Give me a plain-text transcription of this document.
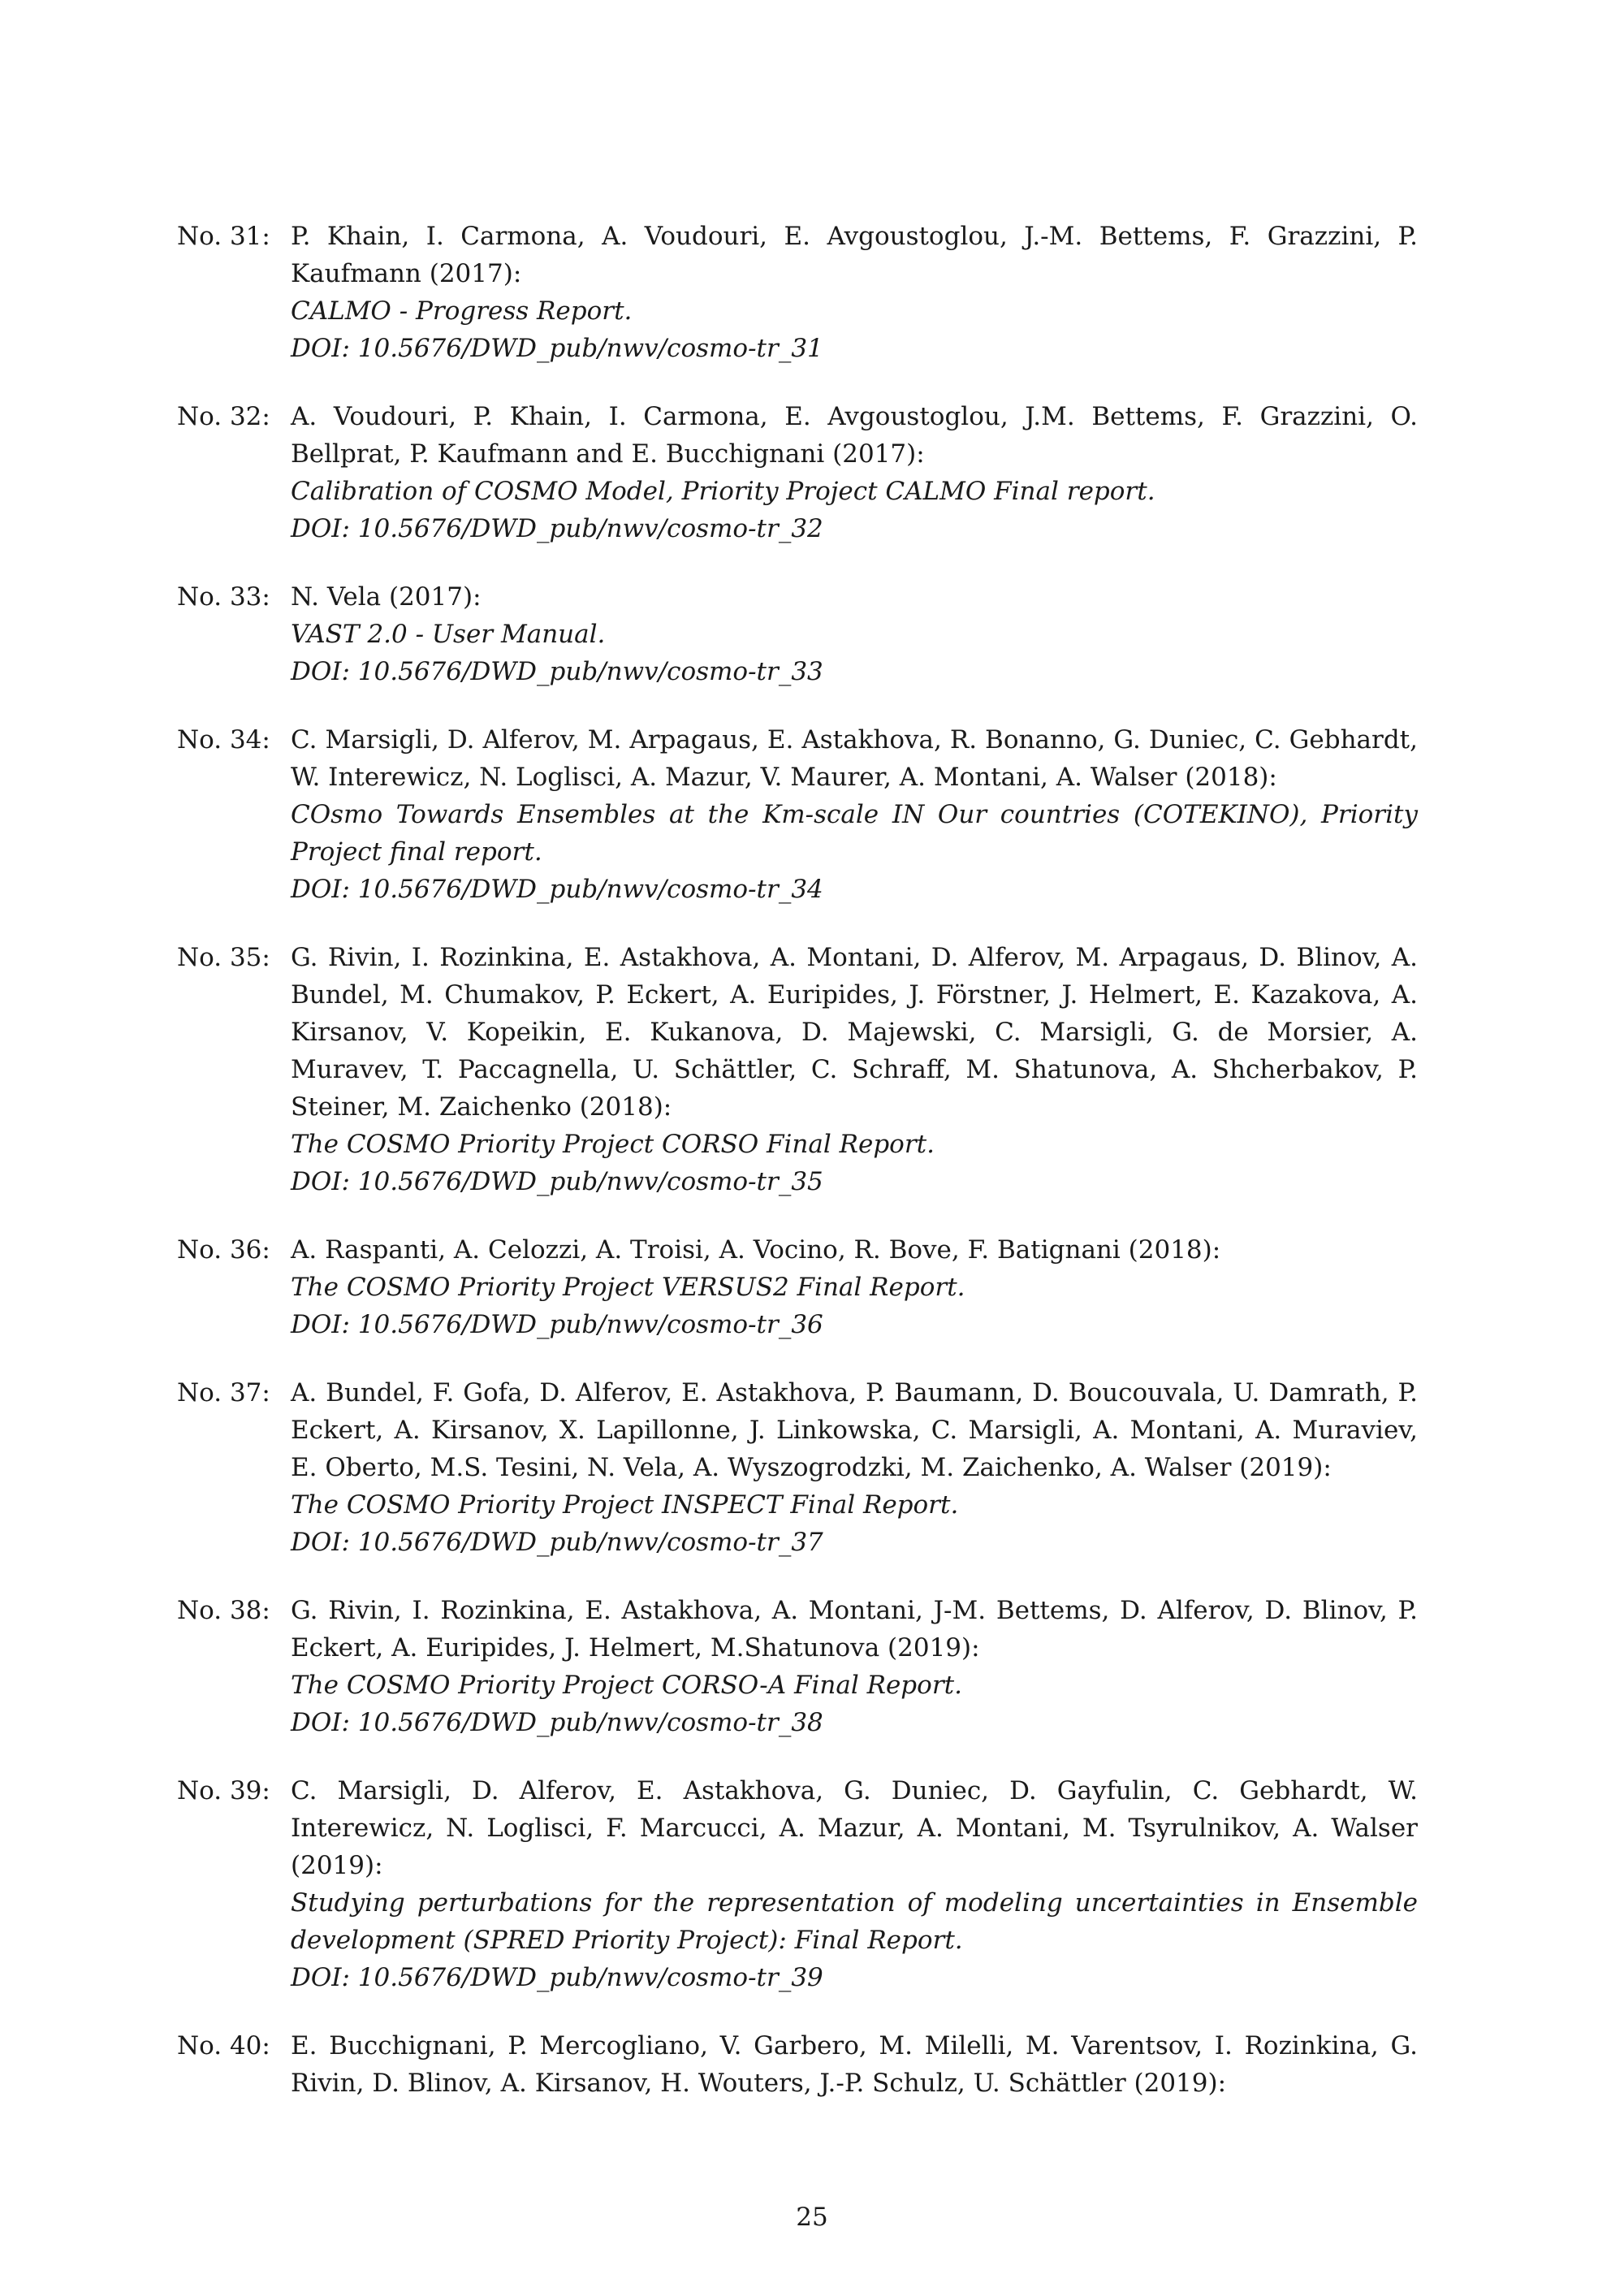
No. 31: P. Khain, I. Carmona, A. Voudouri, E. Avgoustoglou, J.-M. Bettems, F. Grazzini, P. Kaufmann (2017):
CALMO - Progress Report.
DOI: 10.5676/DWD_pub/nwv/cosmo-tr_31
No. 32: A. Voudouri, P. Khain, I. Carmona, E. Avgoustoglou, J.M. Bettems, F. Grazzini, O. Bellprat, P. Kaufmann and E. Bucchignani (2017):
Calibration of COSMO Model, Priority Project CALMO Final report.
DOI: 10.5676/DWD_pub/nwv/cosmo-tr_32
No. 33: N. Vela (2017):
VAST 2.0 - User Manual.
DOI: 10.5676/DWD_pub/nwv/cosmo-tr_33
No. 34: C. Marsigli, D. Alferov, M. Arpagaus, E. Astakhova, R. Bonanno, G. Duniec, C. Gebhardt, W. Interewicz, N. Loglisci, A. Mazur, V. Maurer, A. Montani, A. Walser (2018):
COsmo Towards Ensembles at the Km-scale IN Our countries (COTEKINO), Priority Project final report.
DOI: 10.5676/DWD_pub/nwv/cosmo-tr_34
No. 35: G. Rivin, I. Rozinkina, E. Astakhova, A. Montani, D. Alferov, M. Arpagaus, D. Blinov, A. Bundel, M. Chumakov, P. Eckert, A. Euripides, J. Förstner, J. Helmert, E. Kazakova, A. Kirsanov, V. Kopeikin, E. Kukanova, D. Majewski, C. Marsigli, G. de Morsier, A. Muravev, T. Paccagnella, U. Schättler, C. Schraff, M. Shatunova, A. Shcherbakov, P. Steiner, M. Zaichenko (2018):
The COSMO Priority Project CORSO Final Report.
DOI: 10.5676/DWD_pub/nwv/cosmo-tr_35
No. 36: A. Raspanti, A. Celozzi, A. Troisi, A. Vocino, R. Bove, F. Batignani (2018):
The COSMO Priority Project VERSUS2 Final Report.
DOI: 10.5676/DWD_pub/nwv/cosmo-tr_36
No. 37: A. Bundel, F. Gofa, D. Alferov, E. Astakhova, P. Baumann, D. Boucouvala, U. Damrath, P. Eckert, A. Kirsanov, X. Lapillonne, J. Linkowska, C. Marsigli, A. Montani, A. Muraviev, E. Oberto, M.S. Tesini, N. Vela, A. Wyszogrodzki, M. Zaichenko, A. Walser (2019):
The COSMO Priority Project INSPECT Final Report.
DOI: 10.5676/DWD_pub/nwv/cosmo-tr_37
No. 38: G. Rivin, I. Rozinkina, E. Astakhova, A. Montani, J-M. Bettems, D. Alferov, D. Blinov, P. Eckert, A. Euripides, J. Helmert, M.Shatunova (2019):
The COSMO Priority Project CORSO-A Final Report.
DOI: 10.5676/DWD_pub/nwv/cosmo-tr_38
No. 39: C. Marsigli, D. Alferov, E. Astakhova, G. Duniec, D. Gayfulin, C. Gebhardt, W. Interewicz, N. Loglisci, F. Marcucci, A. Mazur, A. Montani, M. Tsyrulnikov, A. Walser (2019):
Studying perturbations for the representation of modeling uncertainties in Ensemble development (SPRED Priority Project): Final Report.
DOI: 10.5676/DWD_pub/nwv/cosmo-tr_39
No. 40: E. Bucchignani, P. Mercogliano, V. Garbero, M. Milelli, M. Varentsov, I. Rozinkina, G. Rivin, D. Blinov, A. Kirsanov, H. Wouters, J.-P. Schulz, U. Schättler (2019):
25
